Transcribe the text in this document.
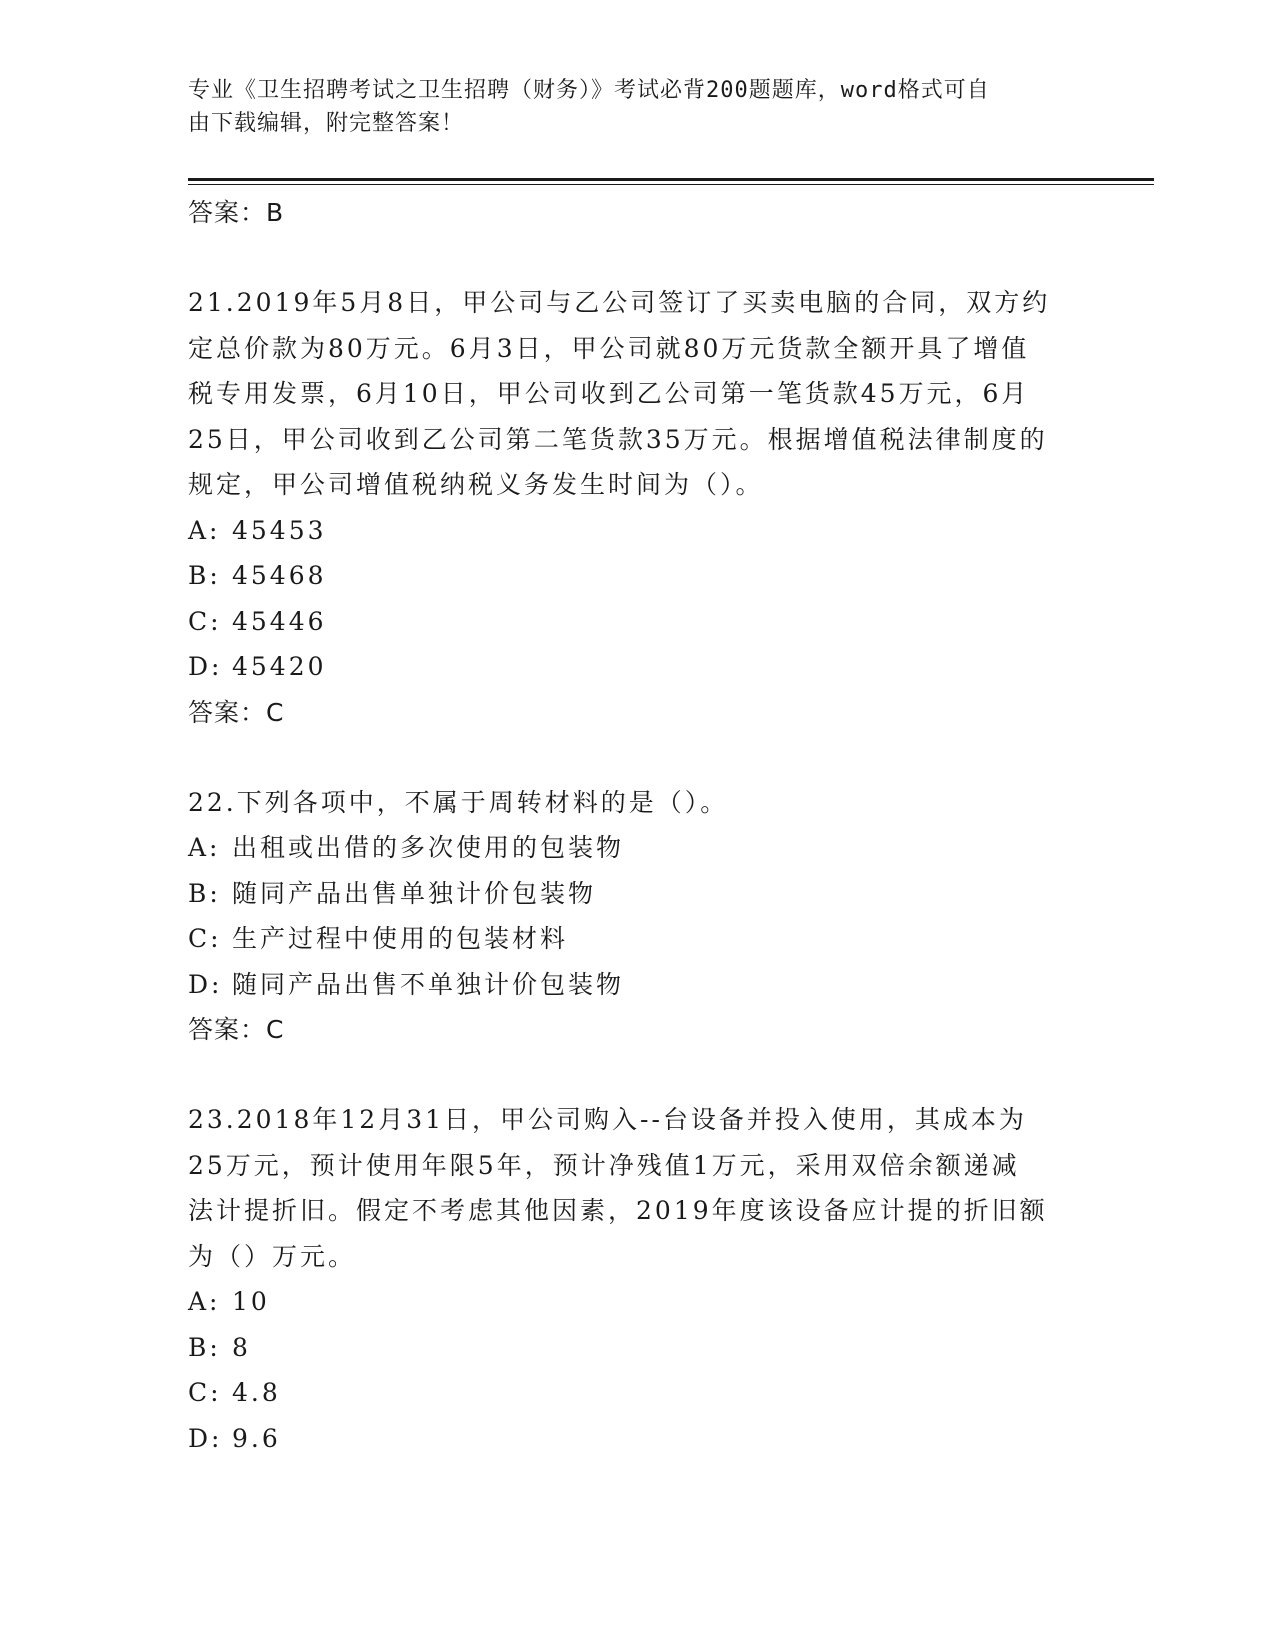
专业《卫生招聘考试之卫生招聘（财务）》考试必背200题题库，word格式可自
由下载编辑，附完整答案！
答案：B
21.2019年5月8日，甲公司与乙公司签订了买卖电脑的合同，双方约
定总价款为80万元。6月3日，甲公司就80万元货款全额开具了增值
税专用发票，6月10日，甲公司收到乙公司第一笔货款45万元，6月
25日，甲公司收到乙公司第二笔货款35万元。根据增值税法律制度的
规定，甲公司增值税纳税义务发生时间为（）。
A: 45453
B: 45468
C: 45446
D: 45420
答案：C
22.下列各项中，不属于周转材料的是（）。
A: 出租或出借的多次使用的包装物
B: 随同产品出售单独计价包装物
C: 生产过程中使用的包装材料
D: 随同产品出售不单独计价包装物
答案：C
23.2018年12月31日，甲公司购入--台设备并投入使用，其成本为
25万元，预计使用年限5年，预计净残值1万元，采用双倍余额递减
法计提折旧。假定不考虑其他因素，2019年度该设备应计提的折旧额
为（）万元。
A: 10
B: 8
C: 4.8
D: 9.6
